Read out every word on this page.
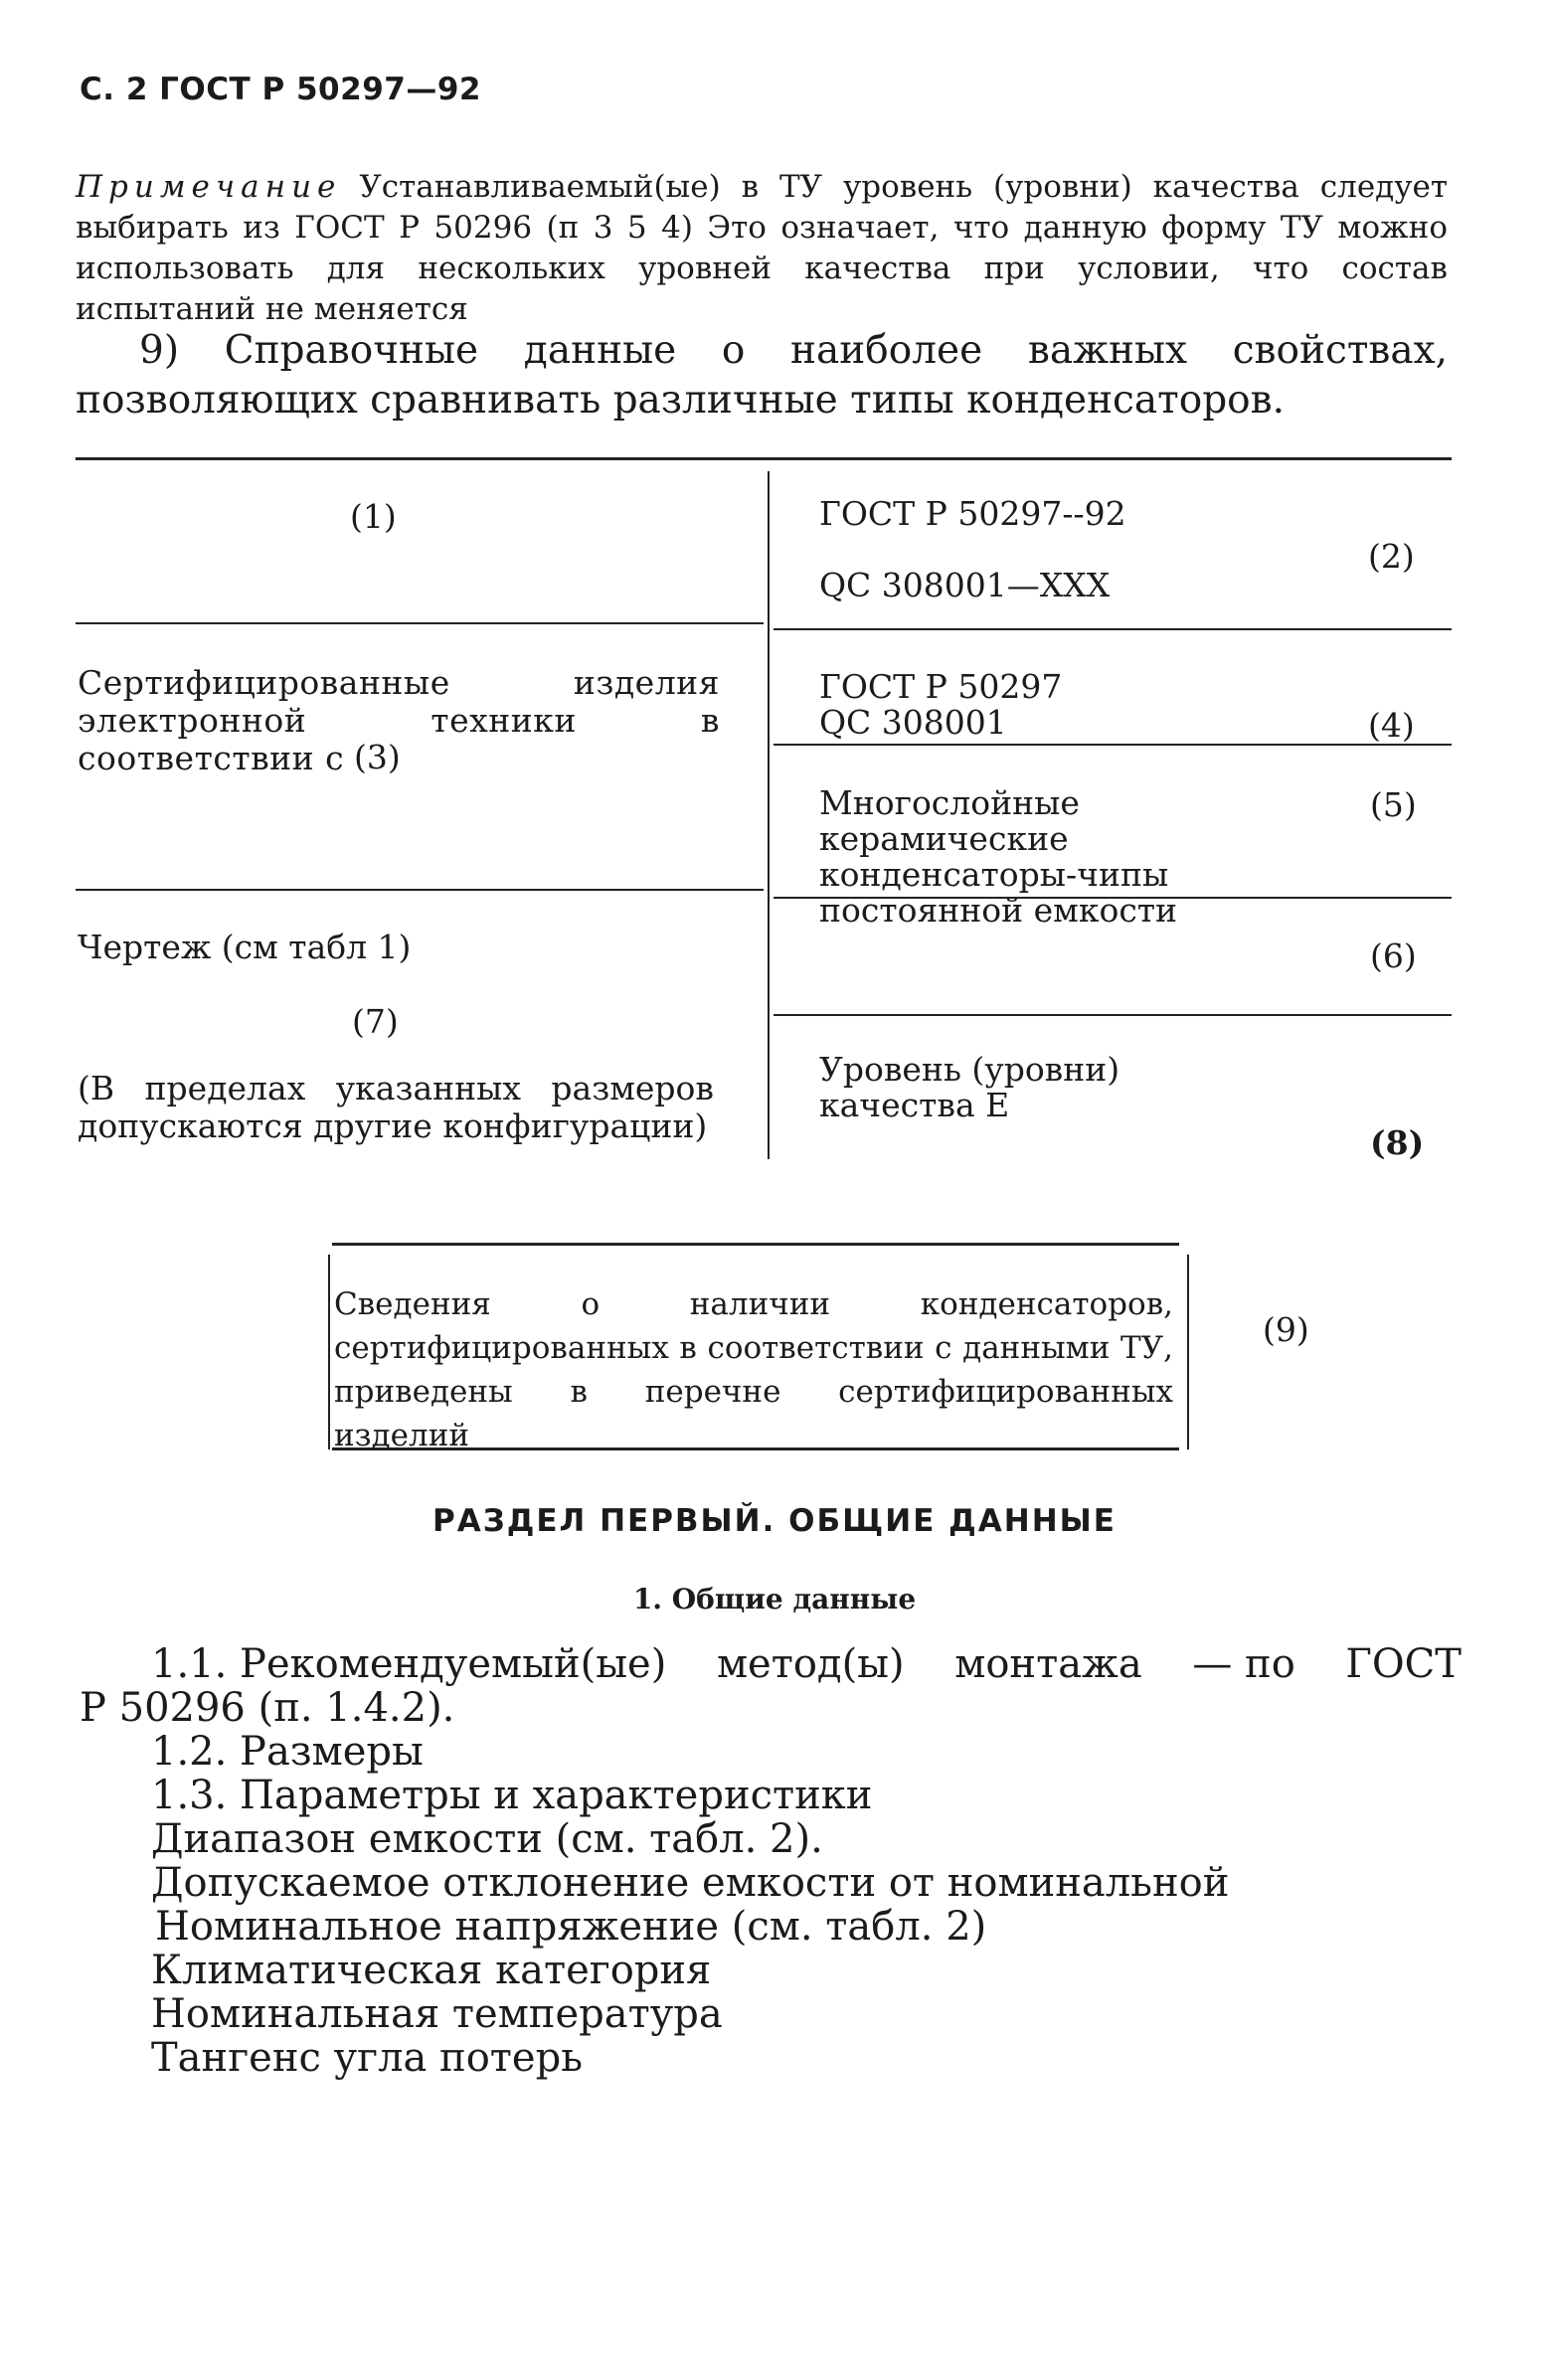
С. 2 ГОСТ Р 50297—92
Примечание Устанавливаемый(ые) в ТУ уровень (уровни) качества следует выбирать из ГОСТ Р 50296 (п 3 5 4) Это означает, что данную форму ТУ можно использовать для нескольких уровней качества при условии, что состав испытаний не меняется
9) Справочные данные о наиболее важных свойствах, позволяющих сравнивать различные типы конденсаторов.
(1)
Сертифицированные изделия электронной техники в соответствии с (3)
Чертеж (см табл 1)
(7)
(В пределах указанных размеров допускаются другие конфигурации)
ГОСТ Р 50297--92
QC 308001—XXX
(2)
ГОСТ Р 50297
QC 308001	(4)
Многослойные керамические конденсаторы-чипы постоянной емкости
(5)
(6)
Уровень (уровни) качества Е
(8)
Сведения о наличии конденсаторов, сертифицированных в соответствии с данными ТУ, приведены в перечне сертифицированных изделий
(9)
РАЗДЕЛ ПЕРВЫЙ. ОБЩИЕ ДАННЫЕ
1. Общие данные
1.1. Рекомендуемый(ые) метод(ы) монтажа — по ГОСТ
Р 50296 (п. 1.4.2).
1.2. Размеры
1.3. Параметры и характеристики
Диапазон емкости (см. табл. 2).
Допускаемое отклонение емкости от номинальной
Номинальное напряжение (см. табл. 2)
Климатическая категория
Номинальная температура
Тангенс угла потерь
